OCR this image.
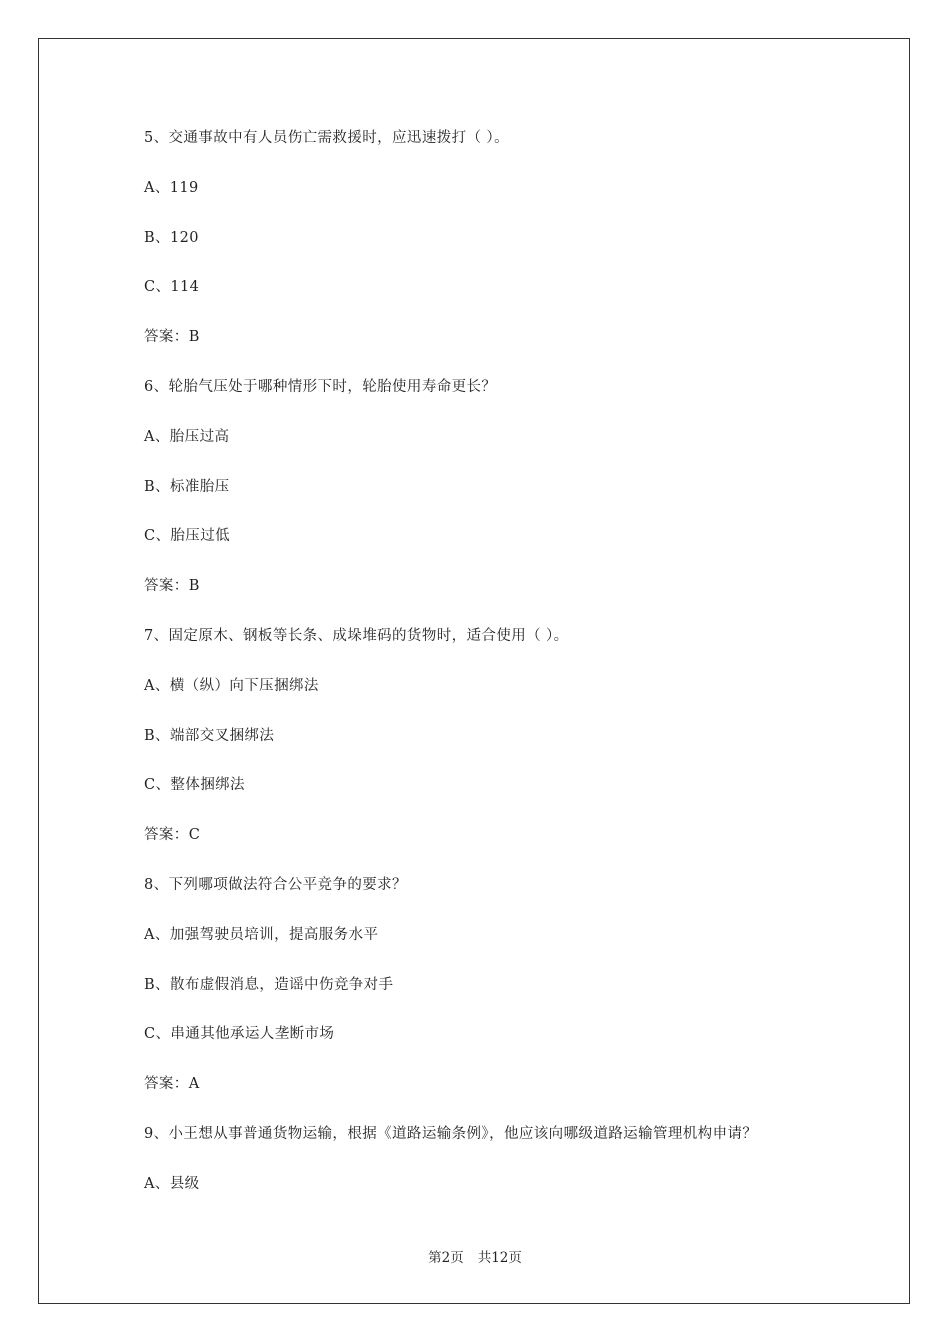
5、交通事故中有人员伤亡需救援时，应迅速拨打（ ）。
A、119
B、120
C、114
答案：B
6、轮胎气压处于哪种情形下时，轮胎使用寿命更长？
A、胎压过高
B、标准胎压
C、胎压过低
答案：B
7、固定原木、钢板等长条、成垛堆码的货物时，适合使用（ ）。
A、横（纵）向下压捆绑法
B、端部交叉捆绑法
C、整体捆绑法
答案：C
8、下列哪项做法符合公平竞争的要求？
A、加强驾驶员培训，提高服务水平
B、散布虚假消息，造谣中伤竞争对手
C、串通其他承运人垄断市场
答案：A
9、小王想从事普通货物运输，根据《道路运输条例》，他应该向哪级道路运输管理机构申请？
A、县级
第2页 共12页
